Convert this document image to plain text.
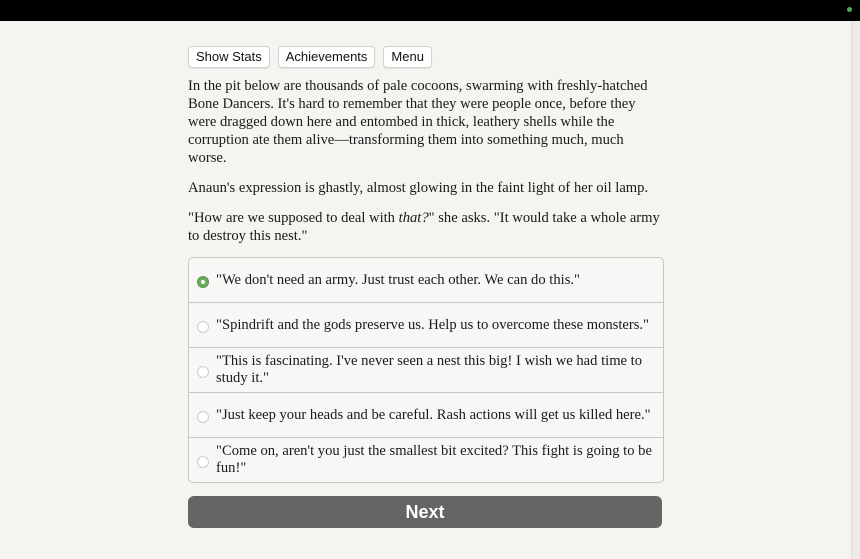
Show Stats	Achievements	Menu

In the pit below are thousands of pale cocoons, swarming with freshly-hatched Bone Dancers. It's hard to remember that they were people once, before they were dragged down here and entombed in thick, leathery shells while the corruption ate them alive—transforming them into something much, much worse.

Anaun's expression is ghastly, almost glowing in the faint light of her oil lamp.

"How are we supposed to deal with that?" she asks. "It would take a whole army to destroy this nest."

"We don't need an army. Just trust each other. We can do this."
"Spindrift and the gods preserve us. Help us to overcome these monsters."
"This is fascinating. I've never seen a nest this big! I wish we had time to study it."
"Just keep your heads and be careful. Rash actions will get us killed here."
"Come on, aren't you just the smallest bit excited? This fight is going to be fun!"
Next
